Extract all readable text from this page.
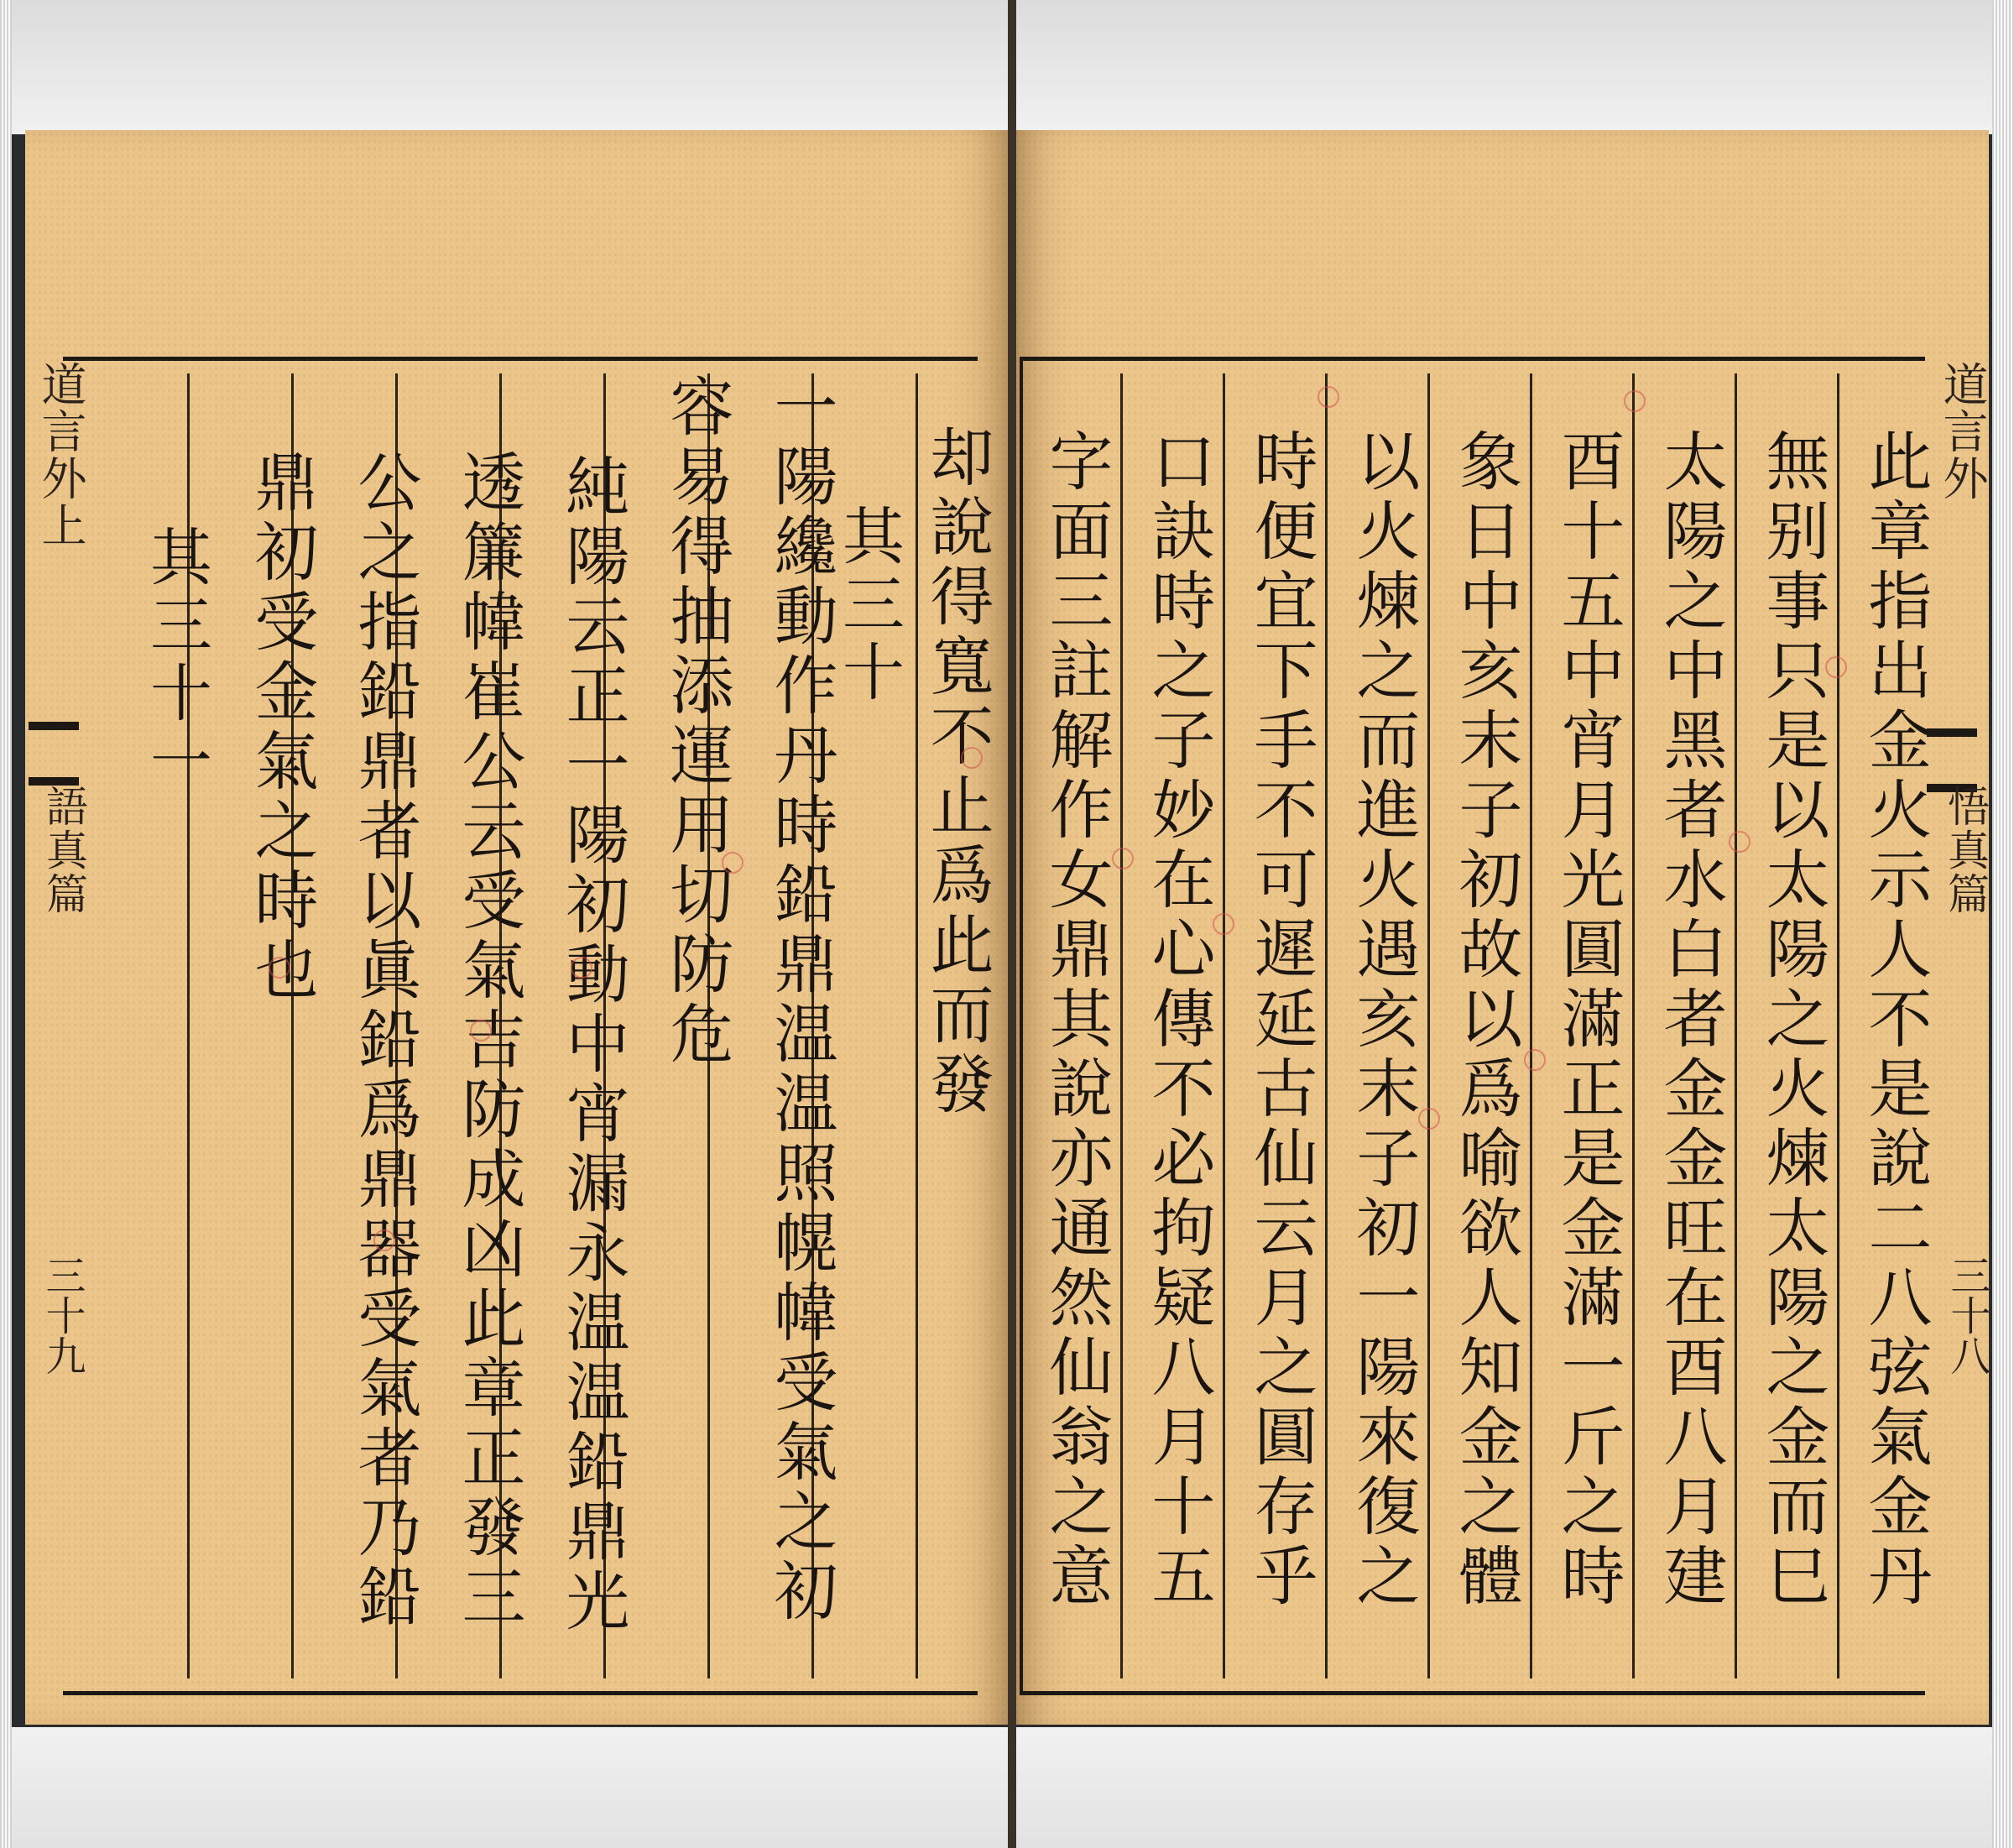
道言外上
語真篇
三十九
其三十一 鼎初受金氣之時也 公之指鉛鼎者以眞鉛爲鼎器受氣者乃鉛 透簾幃崔公云受氣吉防成凶此章正發三 純陽云正一陽初動中宵漏永温温鉛鼎光 容易得抽添運用切防危 一陽纔動作丹時鉛鼎温温照幌幃受氣之初
其三十 却說得寬不止爲此而發 字面三註解作女鼎其說亦通然仙翁之意 口訣時之子妙在心傳不必拘疑八月十五 時便宜下手不可遲延古仙云月之圓存乎 以火煉之而進火遇亥末子初一陽來復之 象日中亥末子初故以爲喻欲人知金之體 酉十五中宵月光圓滿正是金滿一斤之時 太陽之中黑者水白者金金旺在酉八月建 無别事只是以太陽之火煉太陽之金而巳 此章指出金火示人不是說二八弦氣金丹 道言外
悟真篇
三十八
